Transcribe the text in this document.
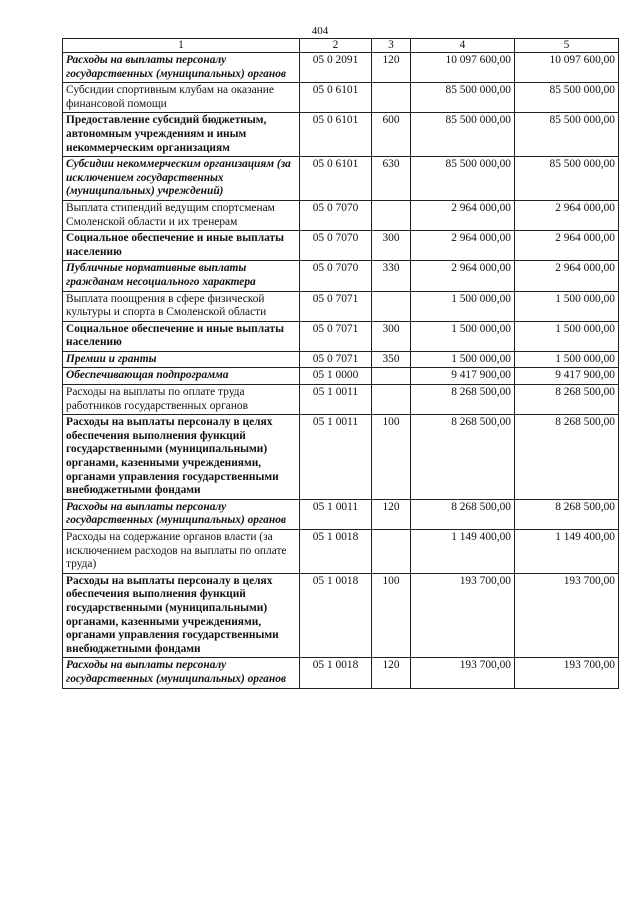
404
1	2	3	4	5
Расходы на выплаты персоналу государственных (муниципальных) органов	05 0 2091	120	10 097 600,00	10 097 600,00
Субсидии спортивным клубам на оказание финансовой помощи	05 0 6101		85 500 000,00	85 500 000,00
Предоставление субсидий бюджетным, автономным учреждениям и иным некоммерческим организациям	05 0 6101	600	85 500 000,00	85 500 000,00
Субсидии некоммерческим организациям (за исключением государственных (муниципальных) учреждений)	05 0 6101	630	85 500 000,00	85 500 000,00
Выплата стипендий ведущим спортсменам Смоленской области и их тренерам	05 0 7070		2 964 000,00	2 964 000,00
Социальное обеспечение и иные выплаты населению	05 0 7070	300	2 964 000,00	2 964 000,00
Публичные нормативные выплаты гражданам несоциального характера	05 0 7070	330	2 964 000,00	2 964 000,00
Выплата поощрения в сфере физической культуры и спорта в Смоленской области	05 0 7071		1 500 000,00	1 500 000,00
Социальное обеспечение и иные выплаты населению	05 0 7071	300	1 500 000,00	1 500 000,00
Премии и гранты	05 0 7071	350	1 500 000,00	1 500 000,00
Обеспечивающая подпрограмма	05 1 0000		9 417 900,00	9 417 900,00
Расходы на выплаты по оплате труда работников государственных органов	05 1 0011		8 268 500,00	8 268 500,00
Расходы на выплаты персоналу в целях обеспечения выполнения функций государственными (муниципальными) органами, казенными учреждениями, органами управления государственными внебюджетными фондами	05 1 0011	100	8 268 500,00	8 268 500,00
Расходы на выплаты персоналу государственных (муниципальных) органов	05 1 0011	120	8 268 500,00	8 268 500,00
Расходы на содержание органов власти (за исключением расходов на выплаты по оплате труда)	05 1 0018		1 149 400,00	1 149 400,00
Расходы на выплаты персоналу в целях обеспечения выполнения функций государственными (муниципальными) органами, казенными учреждениями, органами управления государственными внебюджетными фондами	05 1 0018	100	193 700,00	193 700,00
Расходы на выплаты персоналу государственных (муниципальных) органов	05 1 0018	120	193 700,00	193 700,00
